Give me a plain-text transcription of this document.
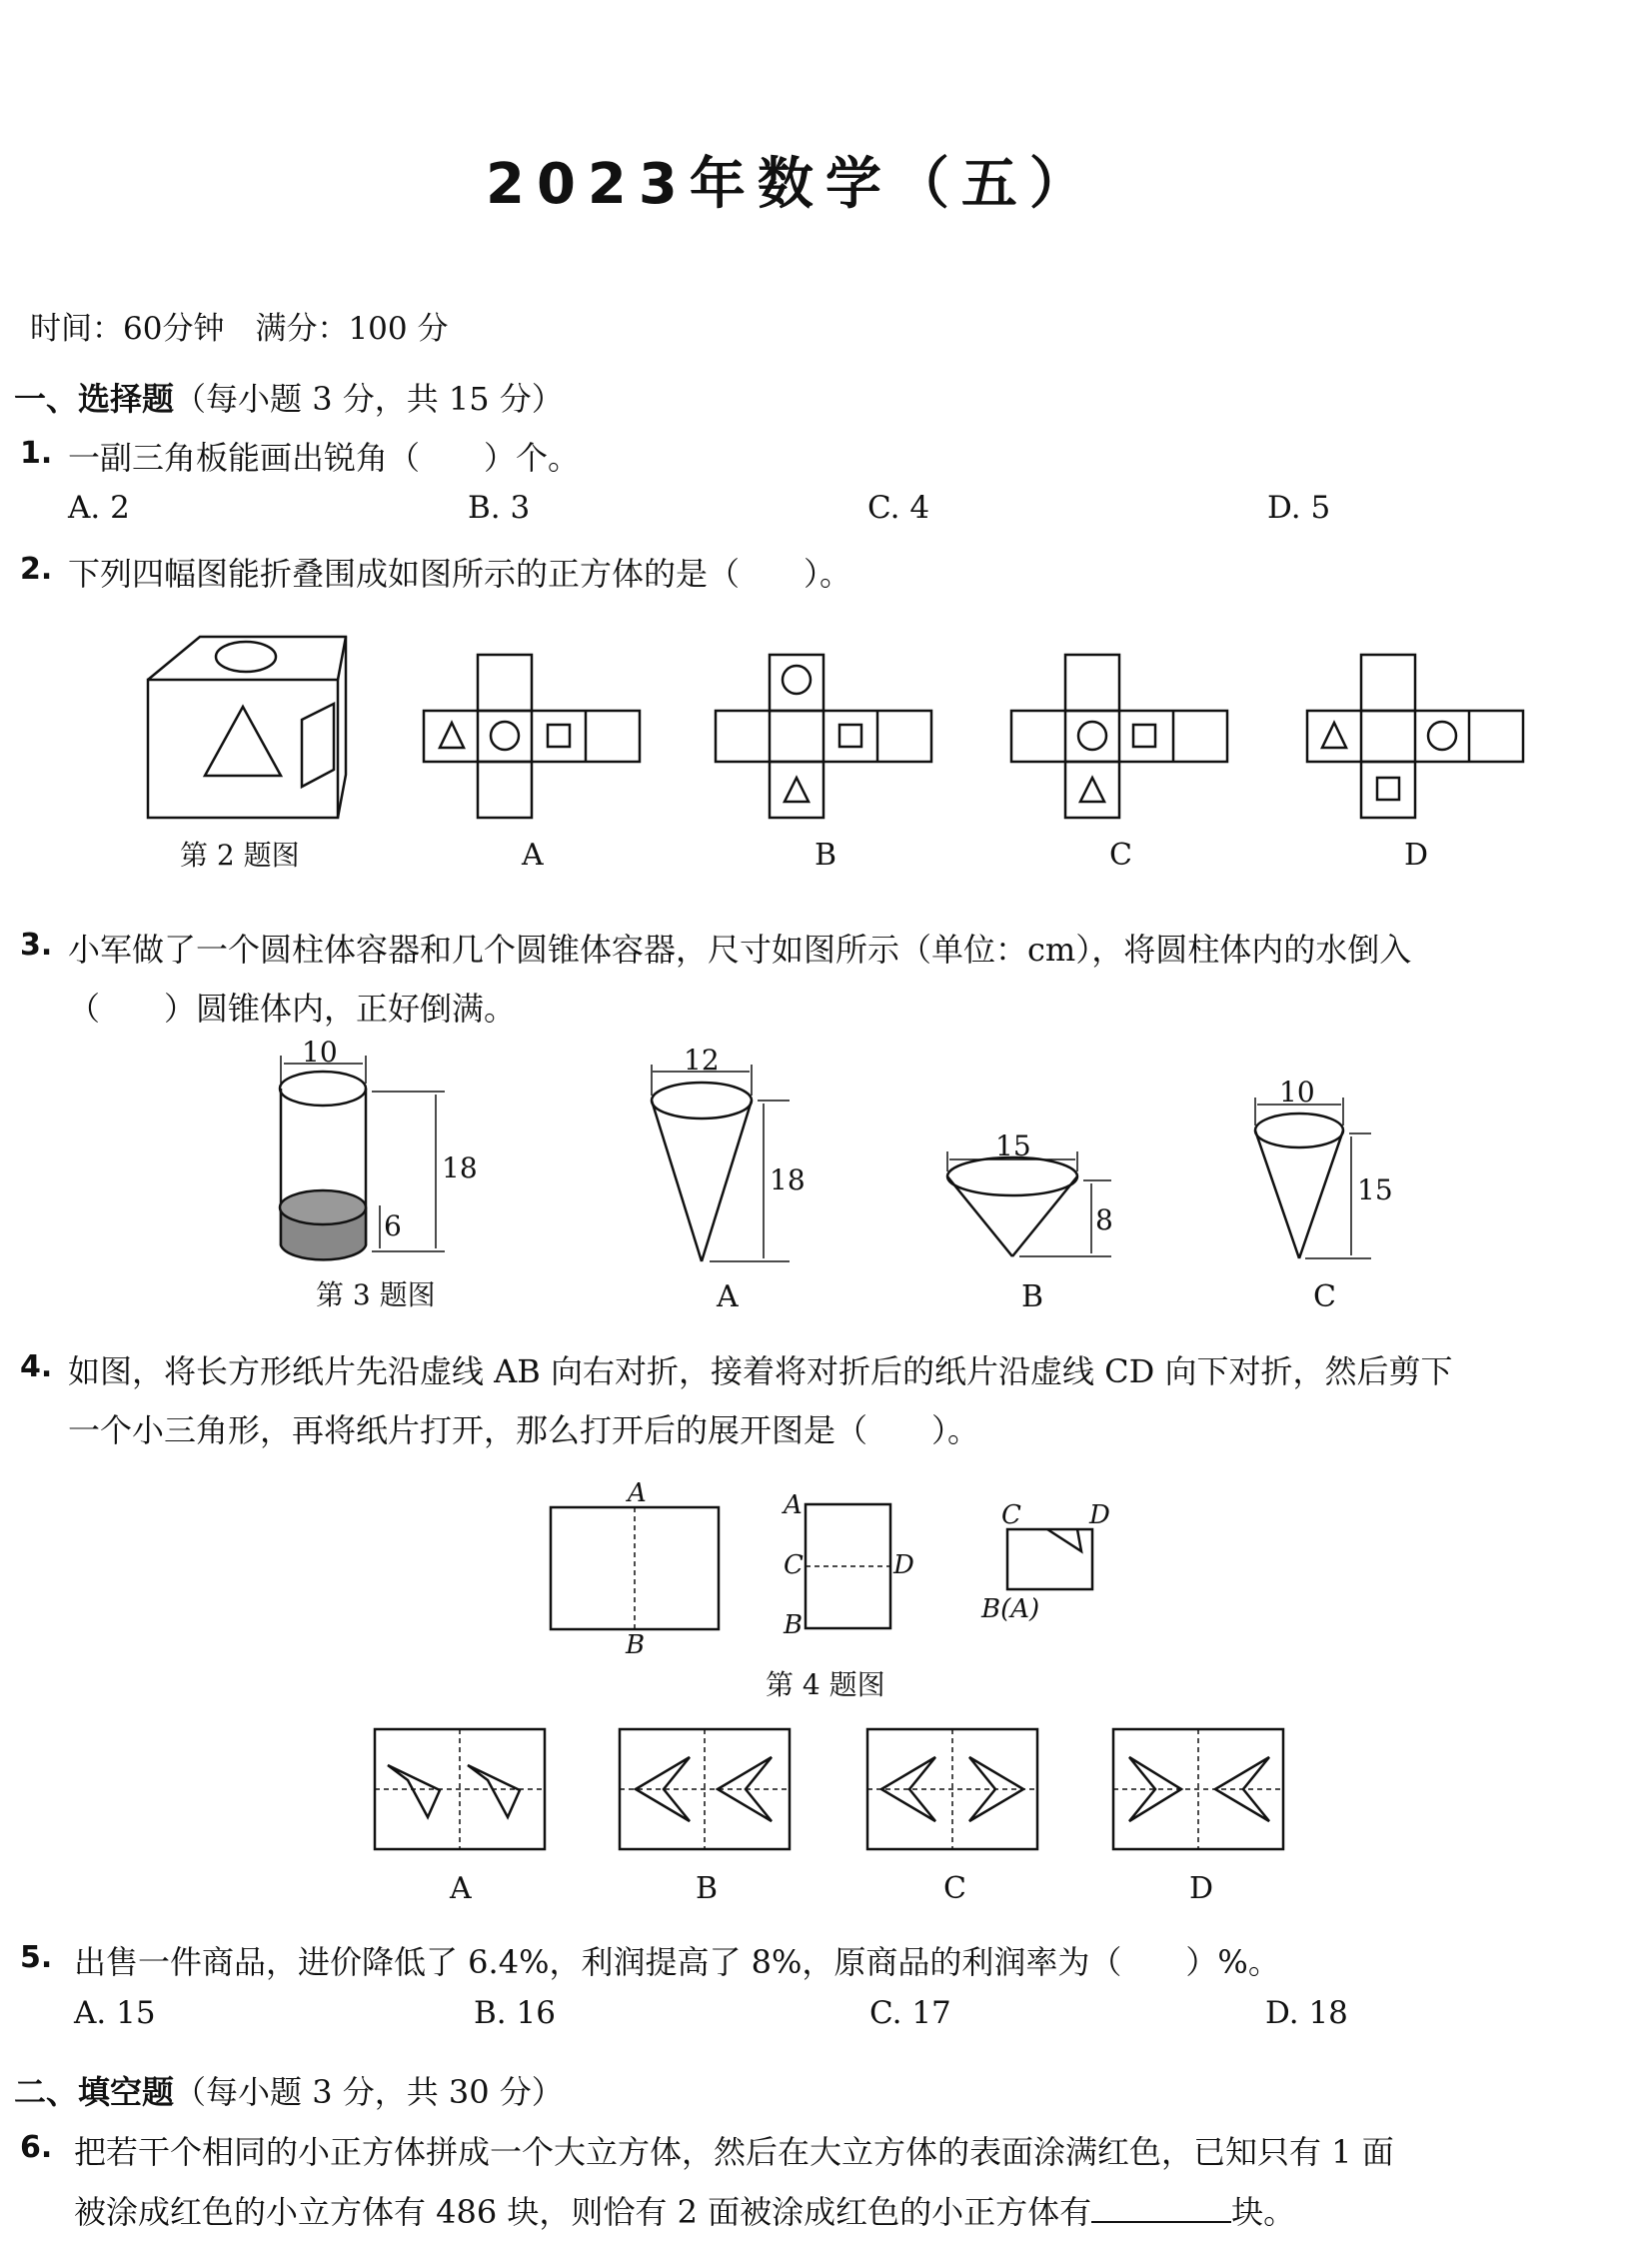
2023年数学（五）
时间：60分钟　满分：100 分
一、选择题（每小题 3 分，共 15 分）
1. 一副三角板能画出锐角（　　）个。
A. 2	B. 3	C. 4	D. 5
2. 下列四幅图能折叠围成如图所示的正方体的是（　　）。
第 2 题图	A	B	C	D
3. 小军做了一个圆柱体容器和几个圆锥体容器，尺寸如图所示（单位：cm），将圆柱体内的水倒入
（　　）圆锥体内，正好倒满。
10
18
6
12
18
15
8
10
15
第 3 题图	A	B	C
4. 如图，将长方形纸片先沿虚线 AB 向右对折，接着将对折后的纸片沿虚线 CD 向下对折，然后剪下
一个小三角形，再将纸片打开，那么打开后的展开图是（　　）。
A
B
A
C	D
B
C	D
B(A)
第 4 题图
A	B	C	D
5. 出售一件商品，进价降低了 6.4%，利润提高了 8%，原商品的利润率为（　　）%。
A. 15	B. 16	C. 17	D. 18
二、填空题（每小题 3 分，共 30 分）
6. 把若干个相同的小正方体拼成一个大立方体，然后在大立方体的表面涂满红色，已知只有 1 面
被涂成红色的小立方体有 486 块，则恰有 2 面被涂成红色的小正方体有	块。
